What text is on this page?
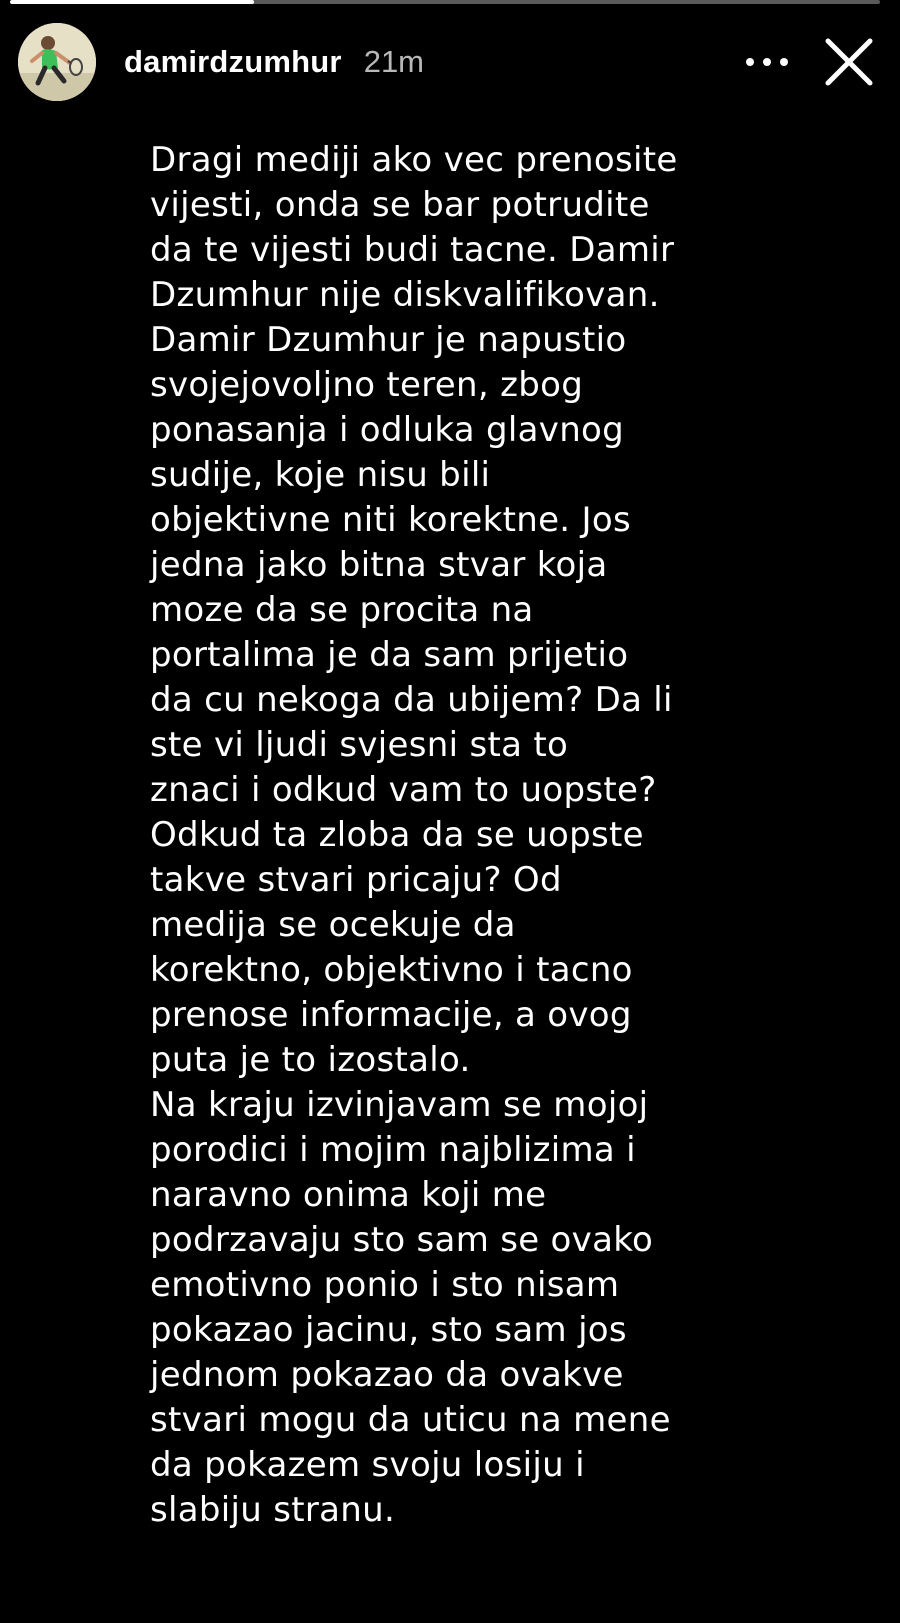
damirdzumhur 21m
Dragi mediji ako vec prenosite
vijesti, onda se bar potrudite
da te vijesti budi tacne. Damir
Dzumhur nije diskvalifikovan.
Damir Dzumhur je napustio
svojejovoljno teren, zbog
ponasanja i odluka glavnog
sudije, koje nisu bili
objektivne niti korektne. Jos
jedna jako bitna stvar koja
moze da se procita na
portalima je da sam prijetio
da cu nekoga da ubijem? Da li
ste vi ljudi svjesni sta to
znaci i odkud vam to uopste?
Odkud ta zloba da se uopste
takve stvari pricaju? Od
medija se ocekuje da
korektno, objektivno i tacno
prenose informacije, a ovog
puta je to izostalo.
Na kraju izvinjavam se mojoj
porodici i mojim najblizima i
naravno onima koji me
podrzavaju sto sam se ovako
emotivno ponio i sto nisam
pokazao jacinu, sto sam jos
jednom pokazao da ovakve
stvari mogu da uticu na mene
da pokazem svoju losiju i
slabiju stranu.
